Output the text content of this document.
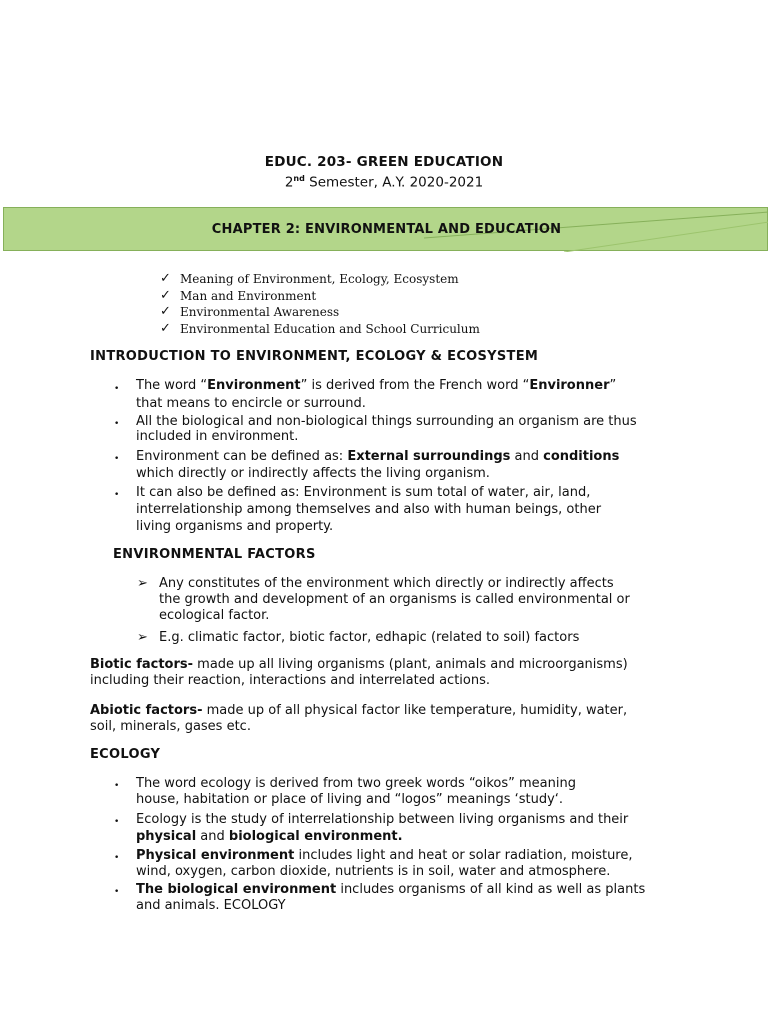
EDUC. 203- GREEN EDUCATION
2nd Semester, A.Y. 2020-2021
CHAPTER 2: ENVIRONMENTAL AND EDUCATION
✓ Meaning of Environment, Ecology, Ecosystem
✓ Man and Environment
✓ Environmental Awareness
✓ Environmental Education and School Curriculum
INTRODUCTION TO ENVIRONMENT, ECOLOGY & ECOSYSTEM
•	The word “Environment” is derived from the French word “Environner”
that means to encircle or surround.
•	All the biological and non-biological things surrounding an organism are thus
included in environment.
•	Environment can be defined as: External surroundings and conditions
which directly or indirectly affects the living organism.
•	It can also be defined as: Environment is sum total of water, air, land,
interrelationship among themselves and also with human beings, other
living organisms and property.
ENVIRONMENTAL FACTORS
➢ Any constitutes of the environment which directly or indirectly affects
the growth and development of an organisms is called environmental or
ecological factor.
➢ E.g. climatic factor, biotic factor, edhapic (related to soil) factors
Biotic factors- made up all living organisms (plant, animals and microorganisms)
including their reaction, interactions and interrelated actions.
Abiotic factors- made up of all physical factor like temperature, humidity, water,
soil, minerals, gases etc.
ECOLOGY
•	The word ecology is derived from two greek words “oikos” meaning
house, habitation or place of living and “logos” meanings ‘study‘.
•	Ecology is the study of interrelationship between living organisms and their
physical and biological environment.
•	Physical environment includes light and heat or solar radiation, moisture,
wind, oxygen, carbon dioxide, nutrients is in soil, water and atmosphere.
•	The biological environment includes organisms of all kind as well as plants
and animals. ECOLOGY
